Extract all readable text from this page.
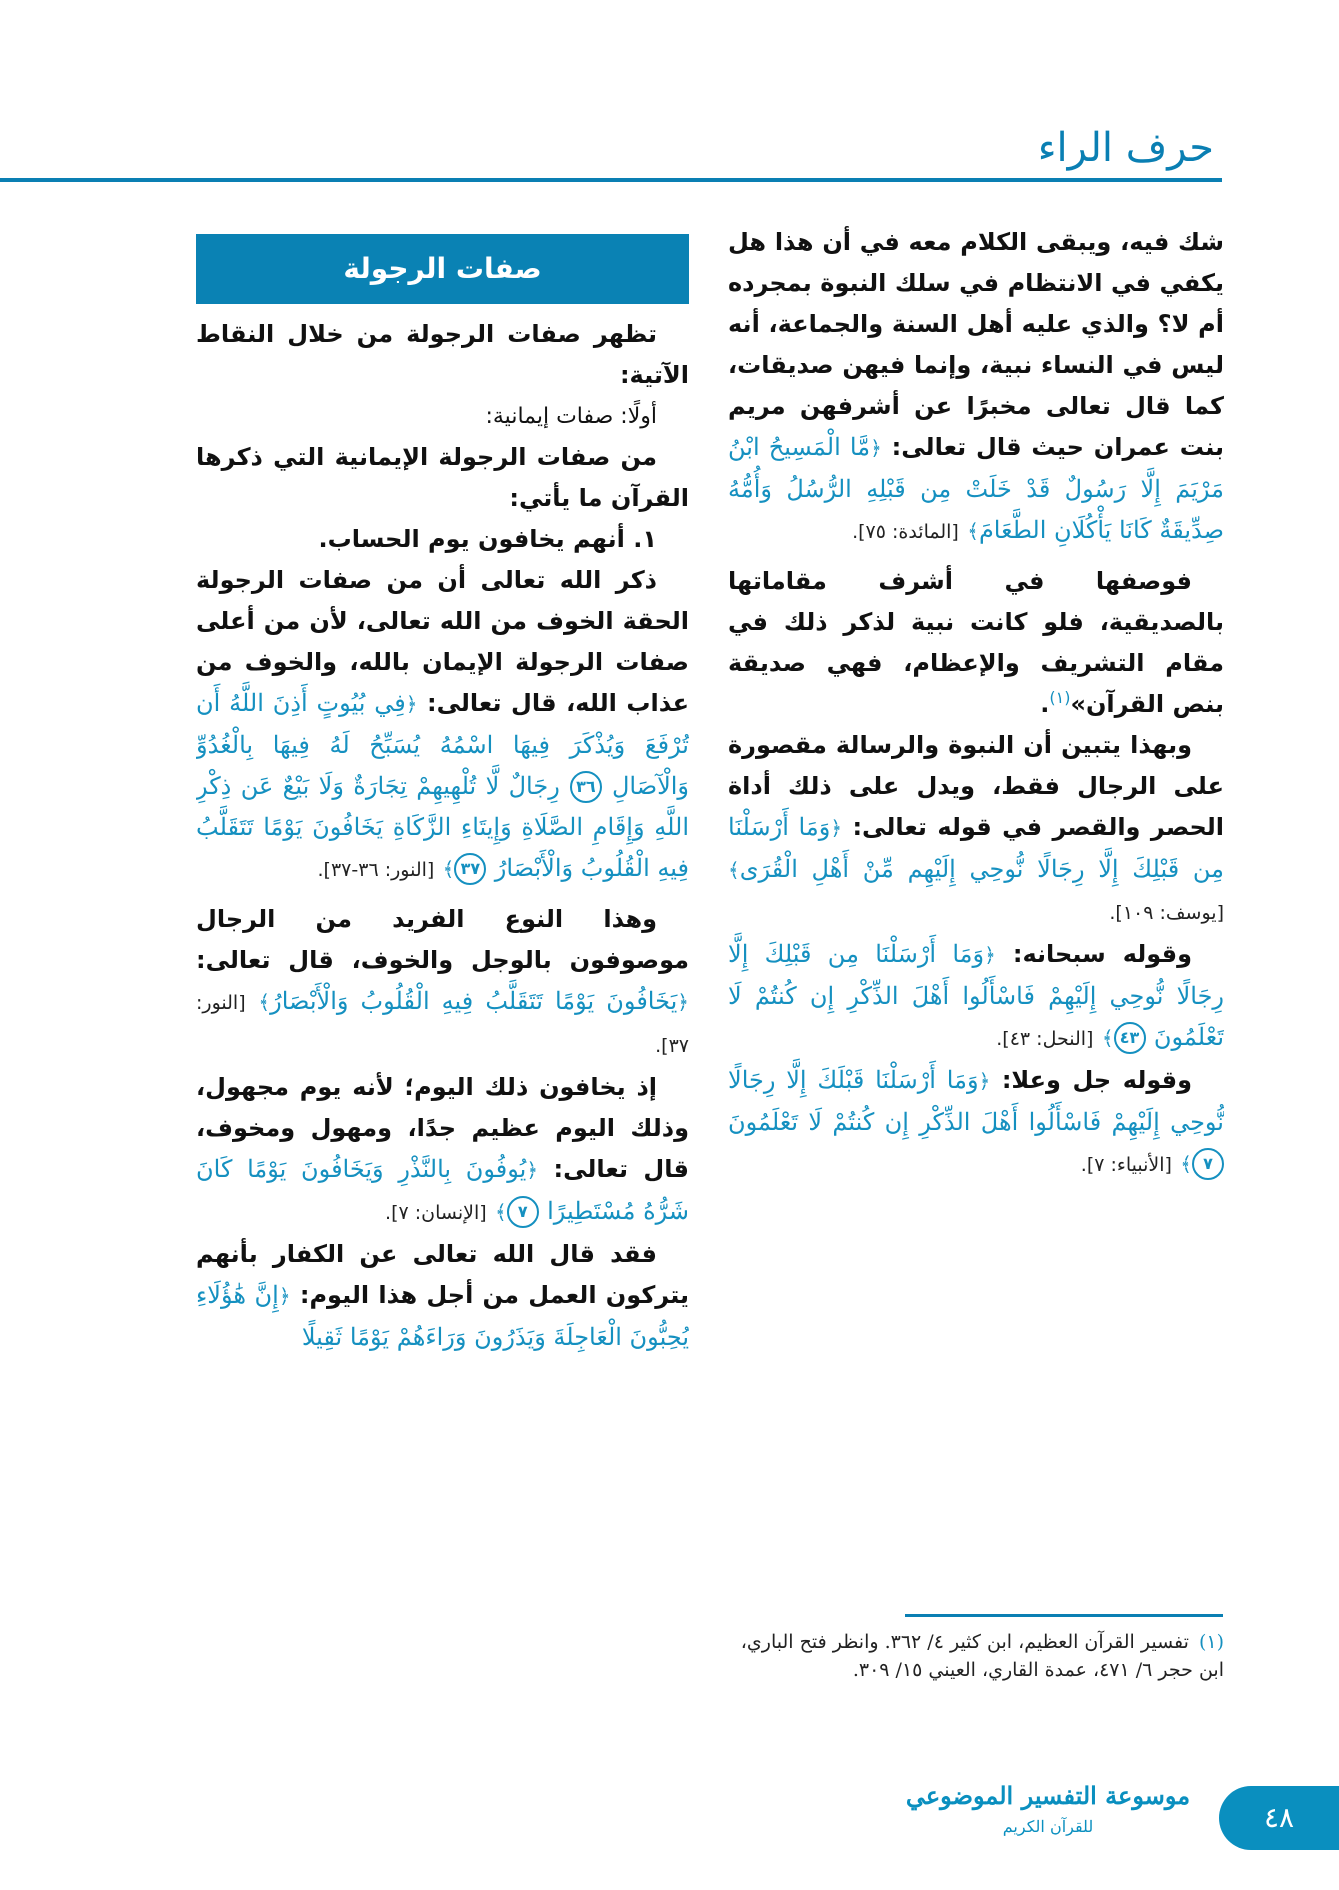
حرف الراء

شك فيه، ويبقى الكلام معه في أن هذا هل يكفي في الانتظام في سلك النبوة بمجرده أم لا؟ والذي عليه أهل السنة والجماعة، أنه ليس في النساء نبية، وإنما فيهن صديقات، كما قال تعالى مخبرًا عن أشرفهن مريم بنت عمران حيث قال تعالى: ﴿مَّا الْمَسِيحُ ابْنُ مَرْيَمَ إِلَّا رَسُولٌ قَدْ خَلَتْ مِن قَبْلِهِ الرُّسُلُ وَأُمُّهُ صِدِّيقَةٌ كَانَا يَأْكُلَانِ الطَّعَامَ﴾ [المائدة: ٧٥].

فوصفها في أشرف مقاماتها بالصديقية، فلو كانت نبية لذكر ذلك في مقام التشريف والإعظام، فهي صديقة بنص القرآن»$^{(١)}$.

وبهذا يتبين أن النبوة والرسالة مقصورة على الرجال فقط، ويدل على ذلك أداة الحصر والقصر في قوله تعالى: ﴿وَمَا أَرْسَلْنَا مِن قَبْلِكَ إِلَّا رِجَالًا نُّوحِي إِلَيْهِم مِّنْ أَهْلِ الْقُرَى﴾ [يوسف: ١٠٩].

وقوله سبحانه: ﴿وَمَا أَرْسَلْنَا مِن قَبْلِكَ إِلَّا رِجَالًا نُّوحِي إِلَيْهِمْ فَاسْأَلُوا أَهْلَ الذِّكْرِ إِن كُنتُمْ لَا تَعْلَمُونَ ٤٣﴾ [النحل: ٤٣].

وقوله جل وعلا: ﴿وَمَا أَرْسَلْنَا قَبْلَكَ إِلَّا رِجَالًا نُّوحِي إِلَيْهِمْ فَاسْأَلُوا أَهْلَ الذِّكْرِ إِن كُنتُمْ لَا تَعْلَمُونَ ٧﴾ [الأنبياء: ٧].

صفات الرجولة

تظهر صفات الرجولة من خلال النقاط الآتية:

أولًا: صفات إيمانية:

من صفات الرجولة الإيمانية التي ذكرها القرآن ما يأتي:

١. أنهم يخافون يوم الحساب.

ذكر الله تعالى أن من صفات الرجولة الحقة الخوف من الله تعالى، لأن من أعلى صفات الرجولة الإيمان بالله، والخوف من عذاب الله، قال تعالى: ﴿فِي بُيُوتٍ أَذِنَ اللَّهُ أَن تُرْفَعَ وَيُذْكَرَ فِيهَا اسْمُهُ يُسَبِّحُ لَهُ فِيهَا بِالْغُدُوِّ وَالْآصَالِ ٣٦ رِجَالٌ لَّا تُلْهِيهِمْ تِجَارَةٌ وَلَا بَيْعٌ عَن ذِكْرِ اللَّهِ وَإِقَامِ الصَّلَاةِ وَإِيتَاءِ الزَّكَاةِ يَخَافُونَ يَوْمًا تَتَقَلَّبُ فِيهِ الْقُلُوبُ وَالْأَبْصَارُ ٣٧﴾ [النور: ٣٦-٣٧].

وهذا النوع الفريد من الرجال موصوفون بالوجل والخوف، قال تعالى: ﴿يَخَافُونَ يَوْمًا تَتَقَلَّبُ فِيهِ الْقُلُوبُ وَالْأَبْصَارُ﴾ [النور: ٣٧].

إذ يخافون ذلك اليوم؛ لأنه يوم مجهول، وذلك اليوم عظيم جدًا، ومهول ومخوف، قال تعالى: ﴿يُوفُونَ بِالنَّذْرِ وَيَخَافُونَ يَوْمًا كَانَ شَرُّهُ مُسْتَطِيرًا ٧﴾ [الإنسان: ٧].

فقد قال الله تعالى عن الكفار بأنهم يتركون العمل من أجل هذا اليوم: ﴿إِنَّ هَٰؤُلَاءِ يُحِبُّونَ الْعَاجِلَةَ وَيَذَرُونَ وَرَاءَهُمْ يَوْمًا ثَقِيلًا

(١)تفسير القرآن العظيم، ابن كثير ٤/ ٣٦٢. وانظر فتح الباري، ابن حجر ٦/ ٤٧١، عمدة القاري، العيني ١٥/ ٣٠٩.
موسوعة التفسير الموضوعي
للقرآن الكريم	٤٨
